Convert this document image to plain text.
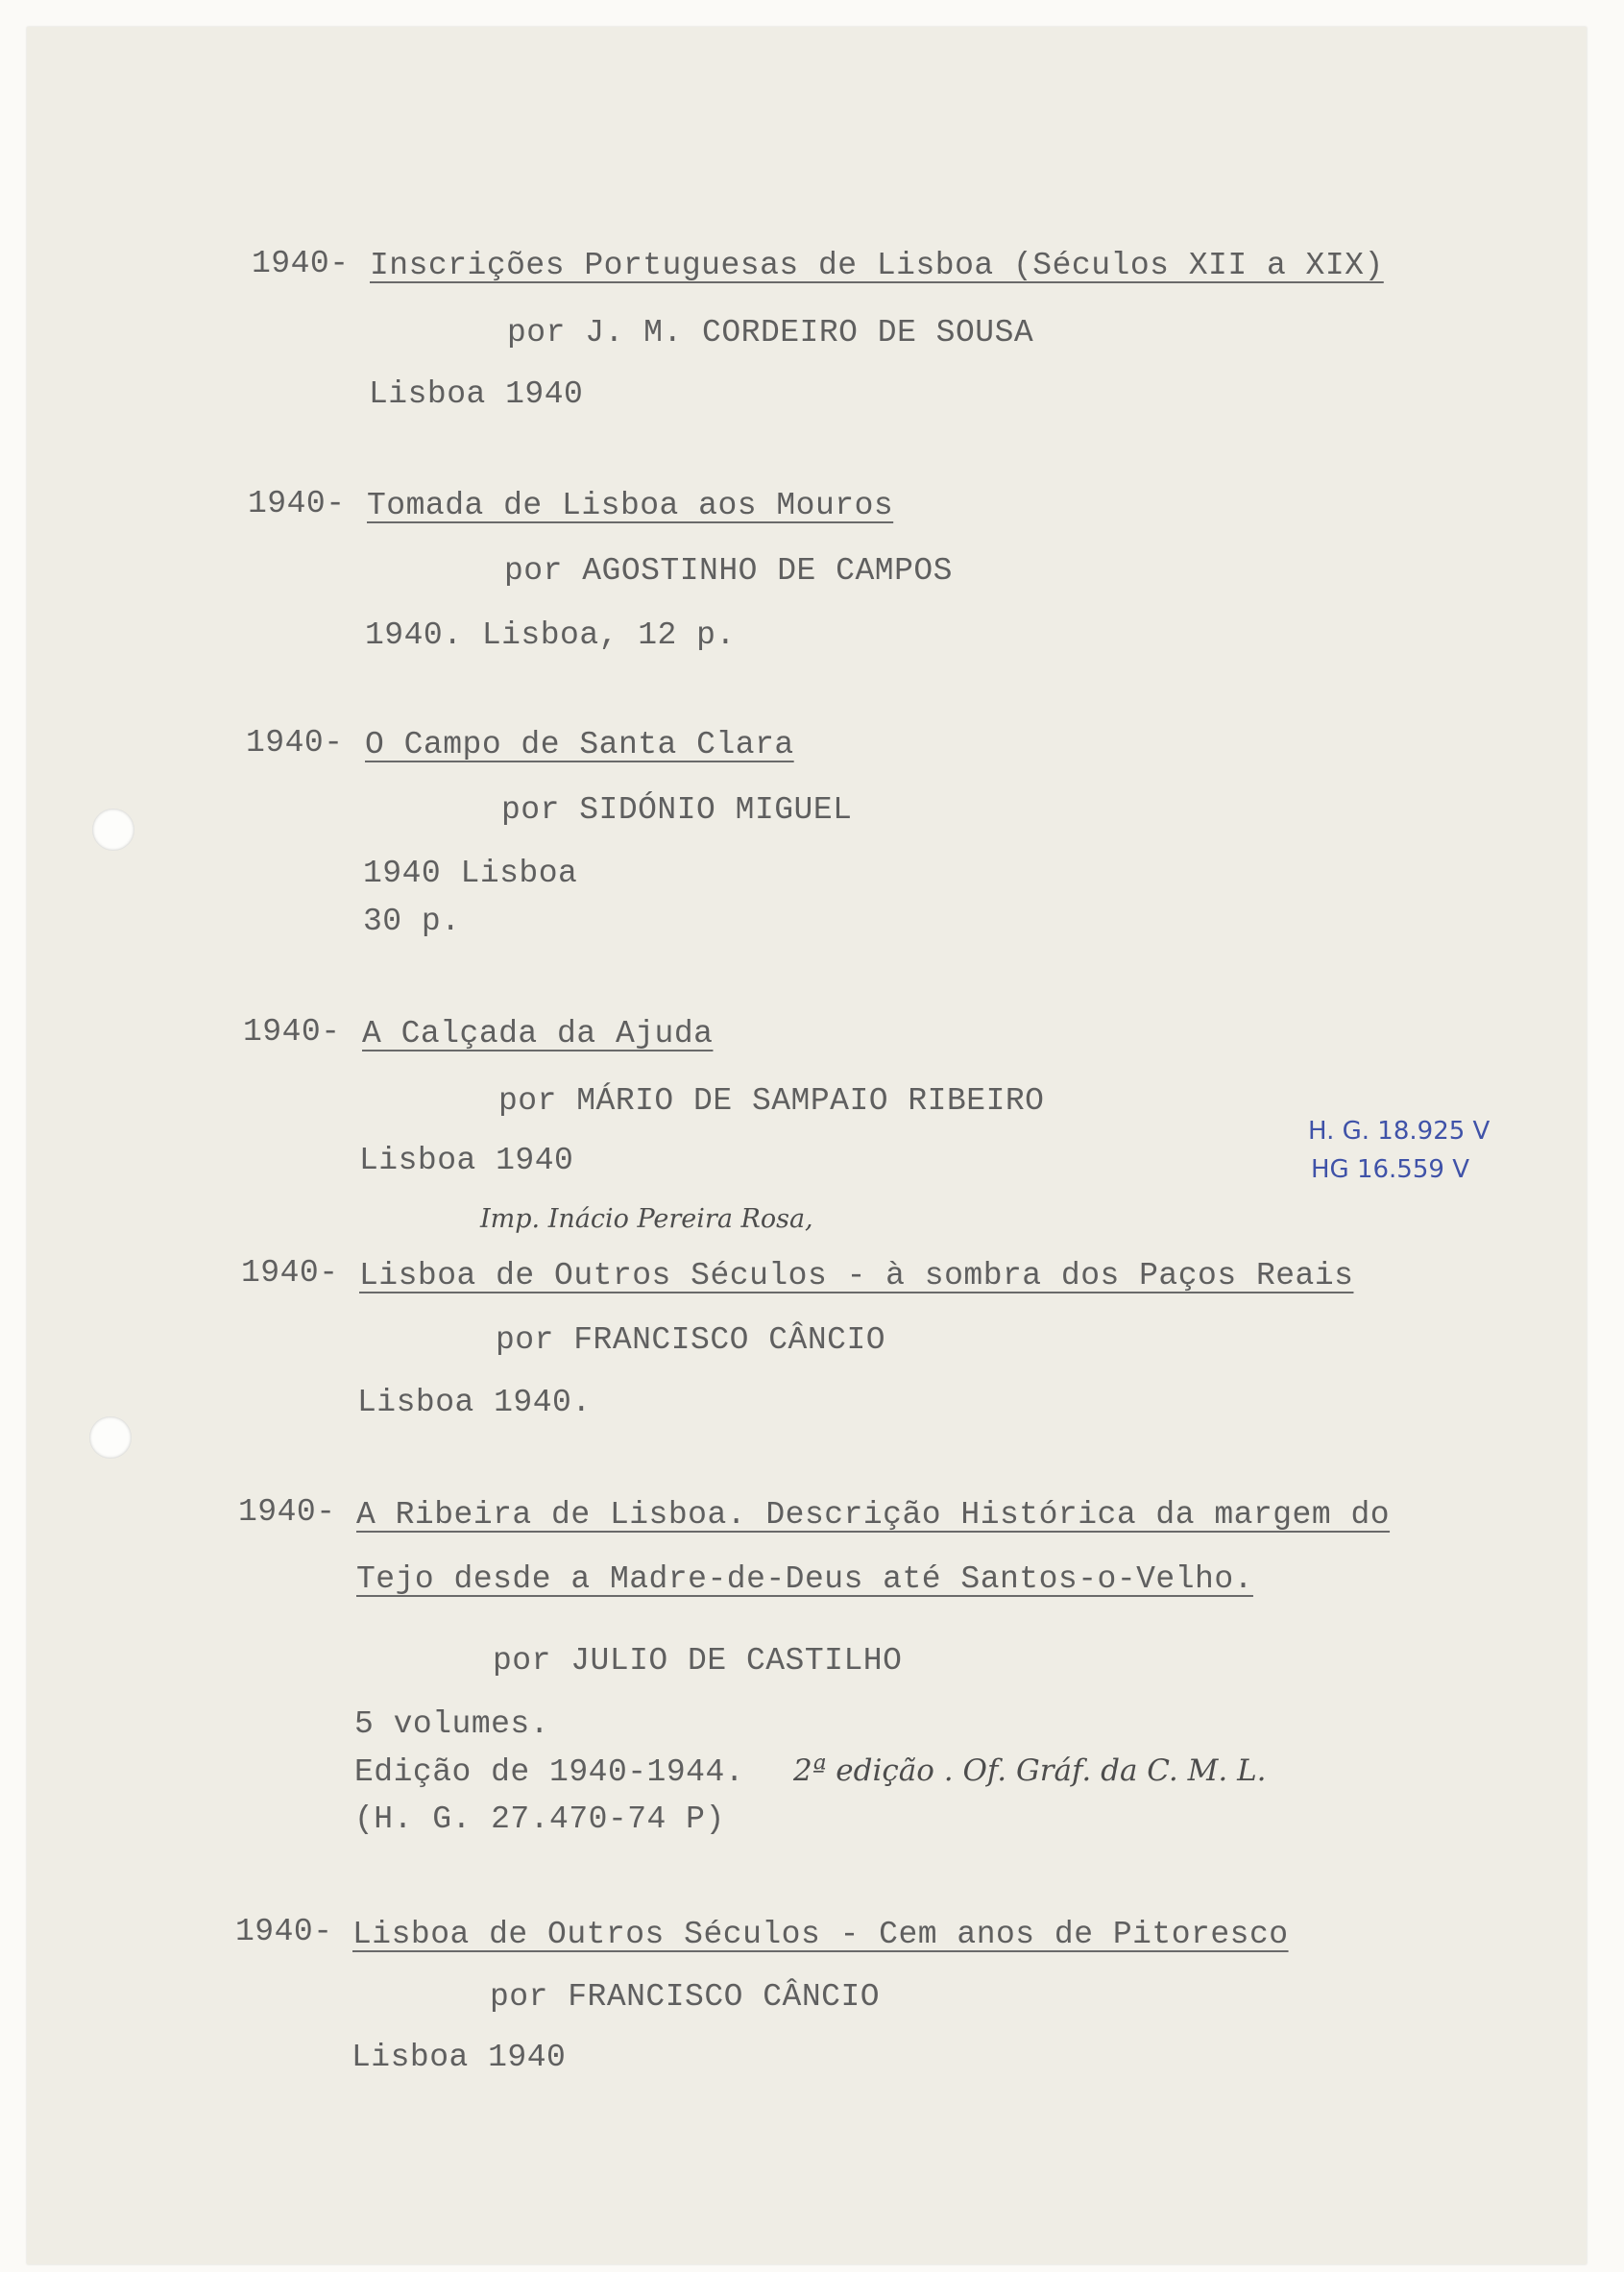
1940- Inscrições Portuguesas de Lisboa (Séculos XII a XIX)
por J. M. CORDEIRO DE SOUSA
Lisboa 1940
1940- Tomada de Lisboa aos Mouros
por AGOSTINHO DE CAMPOS
1940. Lisboa, 12 p.
1940- O Campo de Santa Clara
por SIDÓNIO MIGUEL
1940 Lisboa
30 p.
1940- A Calçada da Ajuda
por MÁRIO DE SAMPAIO RIBEIRO
Lisboa 1940
H. G. 18.925 V
HG 16.559 V
Imp. Inácio Pereira Rosa,
1940- Lisboa de Outros Séculos - à sombra dos Paços Reais
por FRANCISCO CÂNCIO
Lisboa 1940.
1940- A Ribeira de Lisboa. Descrição Histórica da margem do
Tejo desde a Madre-de-Deus até Santos-o-Velho.
por JULIO DE CASTILHO
5 volumes.
Edição de 1940-1944.
(H. G. 27.470-74 P)
2ª edição . Of. Gráf. da C. M. L.
1940- Lisboa de Outros Séculos - Cem anos de Pitoresco
por FRANCISCO CÂNCIO
Lisboa 1940
